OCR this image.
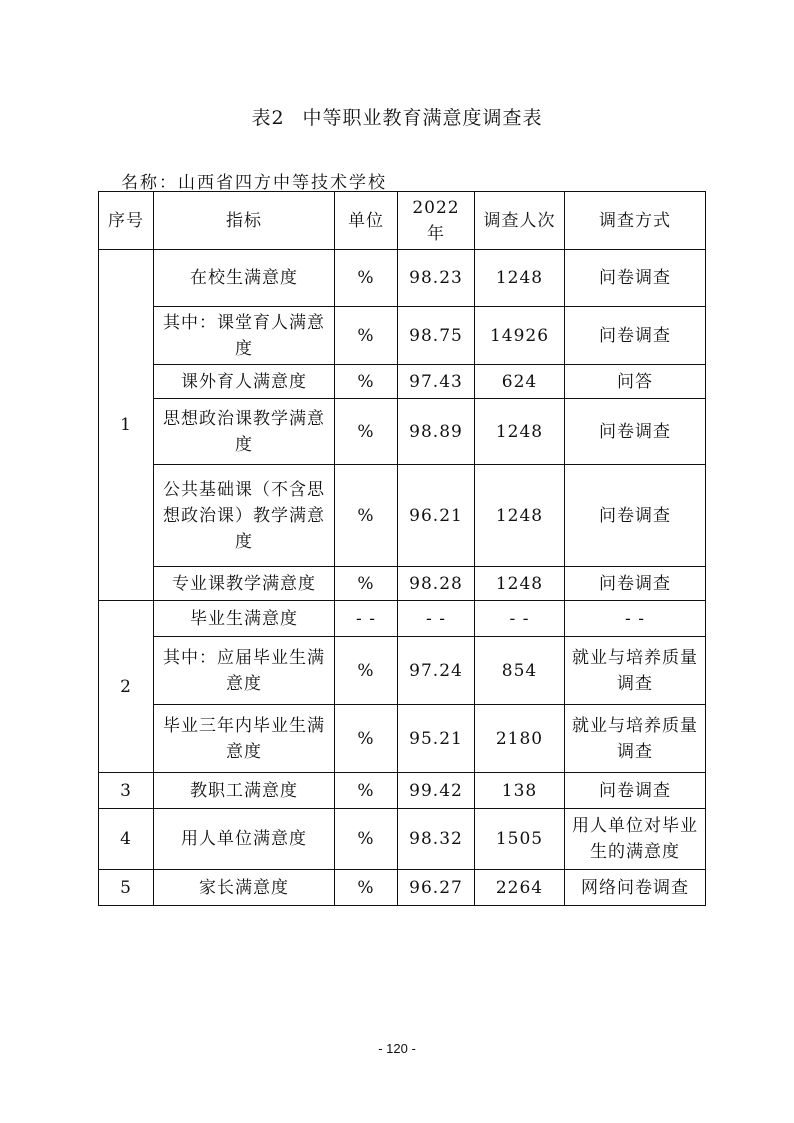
表2 中等职业教育满意度调查表
名称：山西省四方中等技术学校
序号	指标	单位	2022 年	调查人次	调查方式
1	在校生满意度	%	98.23	1248	问卷调查
	其中：课堂育人满意度	%	98.75	14926	问卷调查
	课外育人满意度	%	97.43	624	问答
	思想政治课教学满意度	%	98.89	1248	问卷调查
	公共基础课（不含思想政治课）教学满意度	%	96.21	1248	问卷调查
	专业课教学满意度	%	98.28	1248	问卷调查
2	毕业生满意度	- -	- -	- -	- -
	其中：应届毕业生满意度	%	97.24	854	就业与培养质量调查
	毕业三年内毕业生满意度	%	95.21	2180	就业与培养质量调查
3	教职工满意度	%	99.42	138	问卷调查
4	用人单位满意度	%	98.32	1505	用人单位对毕业生的满意度
5	家长满意度	%	96.27	2264	网络问卷调查
- 120 -
